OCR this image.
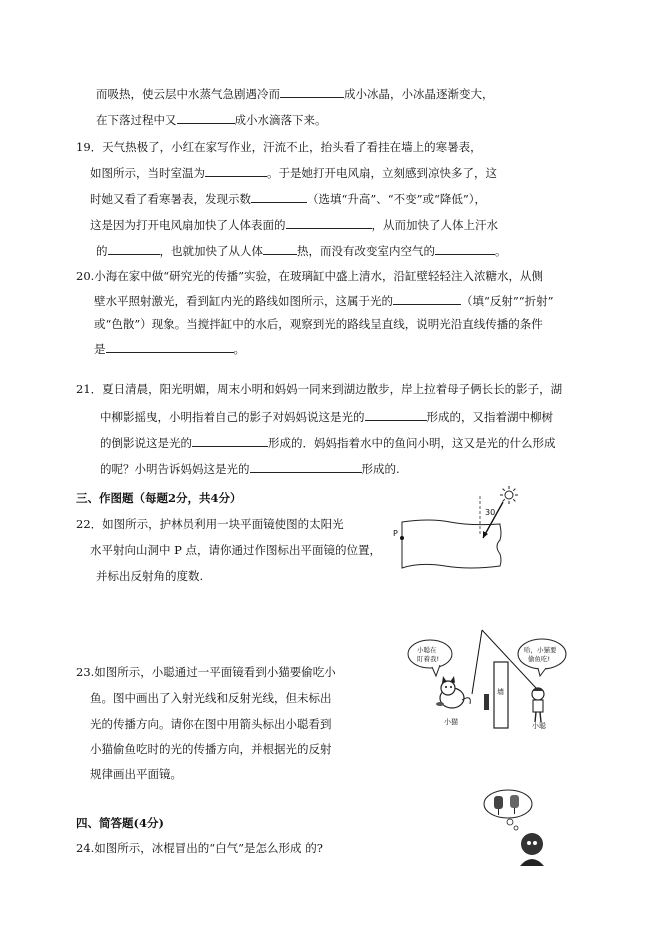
而吸热，使云层中水蒸气急剧遇冷而	成小冰晶，小冰晶逐渐变大，
在下落过程中又	成小水滴落下来。
19．天气热极了，小红在家写作业，汗流不止，抬头看了看挂在墙上的寒暑表，
如图所示，当时室温为	。于是她打开电风扇，立刻感到凉快多了，这
时她又看了看寒暑表，发现示数	（选填“升高”、“不变”或“降低”），
这是因为打开电风扇加快了人体表面的	，从而加快了人体上汗水
的	，也就加快了从人体	热，而没有改变室内空气的	。
20.小海在家中做“研究光的传播”实验，在玻璃缸中盛上清水，沿缸壁轻轻注入浓糖水，从侧
壁水平照射激光，看到缸内光的路线如图所示，这属于光的	（填“反射”“折射”
或“色散”）现象。当搅拌缸中的水后，观察到光的路线呈直线，说明光沿直线传播的条件
是	。
21．夏日清晨，阳光明媚，周末小明和妈妈一同来到湖边散步，岸上拉着母子俩长长的影子，湖
中柳影摇曳，小明指着自己的影子对妈妈说这是光的	形成的，又指着湖中柳树
的倒影说这是光的	形成的．妈妈指着水中的鱼问小明，这又是光的什么形成
的呢？小明告诉妈妈这是光的	形成的.
三、作图题（每题2分，共4分）
22．如图所示，护林员利用一块平面镜使图的太阳光
水平射向山洞中 P 点，请你通过作图标出平面镜的位置，
并标出反射角的度数.
30
P
23.如图所示，小聪通过一平面镜看到小猫要偷吃小
鱼。图中画出了入射光线和反射光线，但未标出
光的传播方向。请你在图中用箭头标出小聪看到
小猫偷鱼吃时的光的传播方向，并根据光的反射
规律画出平面镜。
小聪在
盯着我!
哈，小猫要
偷鱼吃!
墙
小猫	小聪
四、简答题(4分)
24.如图所示，冰棍冒出的“白气”是怎么形成 的?
